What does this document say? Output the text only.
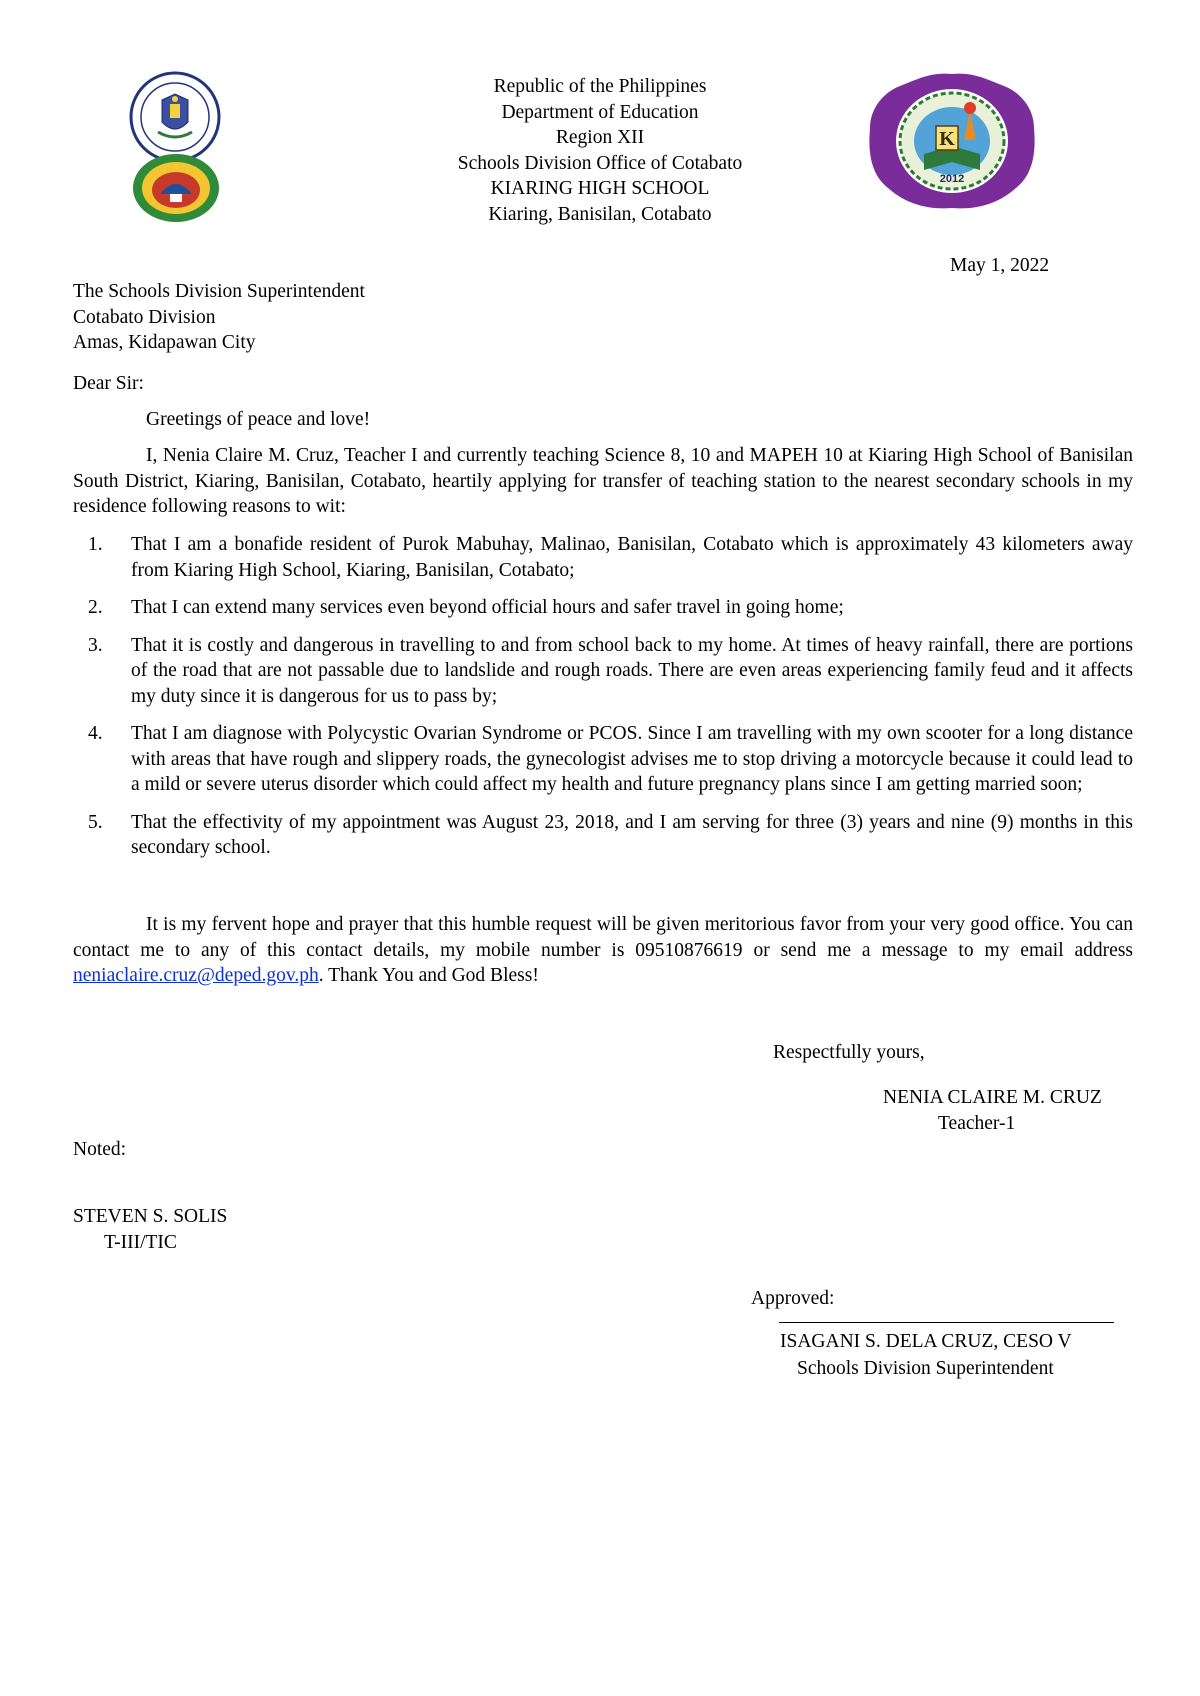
K
2012
Republic of the Philippines
Department of Education
Region XII
Schools Division Office of Cotabato
KIARING HIGH SCHOOL
Kiaring, Banisilan, Cotabato
May 1, 2022
The Schools Division Superintendent
Cotabato Division
Amas, Kidapawan City
Dear Sir:
Greetings of peace and love!
I, Nenia Claire M. Cruz, Teacher I and currently teaching Science 8, 10 and MAPEH 10 at Kiaring High School of Banisilan South District, Kiaring, Banisilan, Cotabato, heartily applying for transfer of teaching station to the nearest secondary schools in my residence following reasons to wit:
1. That I am a bonafide resident of Purok Mabuhay, Malinao, Banisilan, Cotabato which is approximately 43 kilometers away from Kiaring High School, Kiaring, Banisilan, Cotabato;
2. That I can extend many services even beyond official hours and safer travel in going home;
3. That it is costly and dangerous in travelling to and from school back to my home. At times of heavy rainfall, there are portions of the road that are not passable due to landslide and rough roads. There are even areas experiencing family feud and it affects my duty since it is dangerous for us to pass by;
4. That I am diagnose with Polycystic Ovarian Syndrome or PCOS. Since I am travelling with my own scooter for a long distance with areas that have rough and slippery roads, the gynecologist advises me to stop driving a motorcycle because it could lead to a mild or severe uterus disorder which could affect my health and future pregnancy plans since I am getting married soon;
5. That the effectivity of my appointment was August 23, 2018, and I am serving for three (3) years and nine (9) months in this secondary school.
It is my fervent hope and prayer that this humble request will be given meritorious favor from your very good office. You can contact me to any of this contact details, my mobile number is 09510876619 or send me a message to my email address neniaclaire.cruz@deped.gov.ph. Thank You and God Bless!
Respectfully yours,
NENIA CLAIRE M. CRUZ
Teacher-1
Noted:
STEVEN S. SOLIS
T-III/TIC
Approved:
ISAGANI S. DELA CRUZ, CESO V
Schools Division Superintendent
